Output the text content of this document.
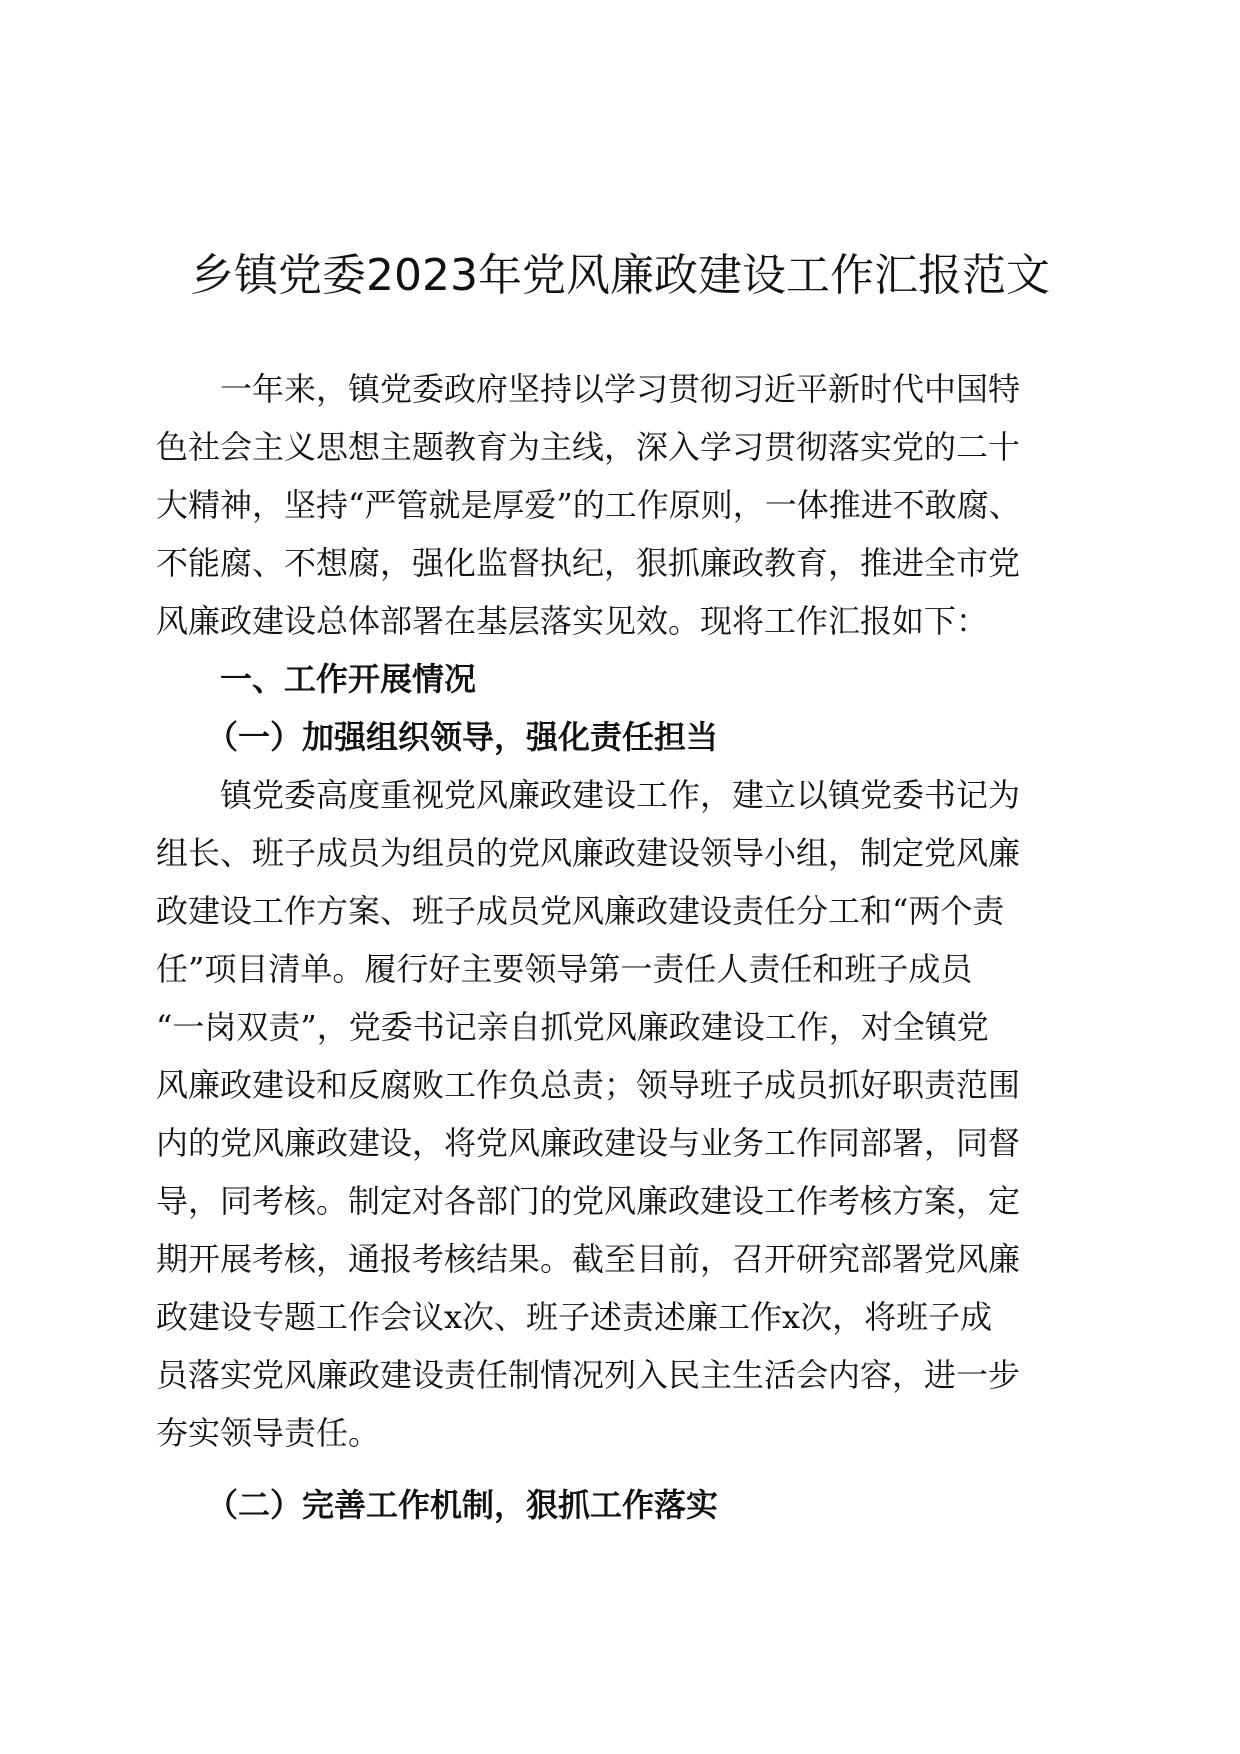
乡镇党委2023年党风廉政建设工作汇报范文
一年来，镇党委政府坚持以学习贯彻习近平新时代中国特
色社会主义思想主题教育为主线，深入学习贯彻落实党的二十
大精神，坚持“严管就是厚爱”的工作原则，一体推进不敢腐、
不能腐、不想腐，强化监督执纪，狠抓廉政教育，推进全市党
风廉政建设总体部署在基层落实见效。现将工作汇报如下：
一、工作开展情况
（一）加强组织领导，强化责任担当
镇党委高度重视党风廉政建设工作，建立以镇党委书记为
组长、班子成员为组员的党风廉政建设领导小组，制定党风廉
政建设工作方案、班子成员党风廉政建设责任分工和“两个责
任”项目清单。履行好主要领导第一责任人责任和班子成员
“一岗双责”，党委书记亲自抓党风廉政建设工作，对全镇党
风廉政建设和反腐败工作负总责；领导班子成员抓好职责范围
内的党风廉政建设，将党风廉政建设与业务工作同部署，同督
导，同考核。制定对各部门的党风廉政建设工作考核方案，定
期开展考核，通报考核结果。截至目前，召开研究部署党风廉
政建设专题工作会议x次、班子述责述廉工作x次，将班子成
员落实党风廉政建设责任制情况列入民主生活会内容，进一步
夯实领导责任。
（二）完善工作机制，狠抓工作落实
